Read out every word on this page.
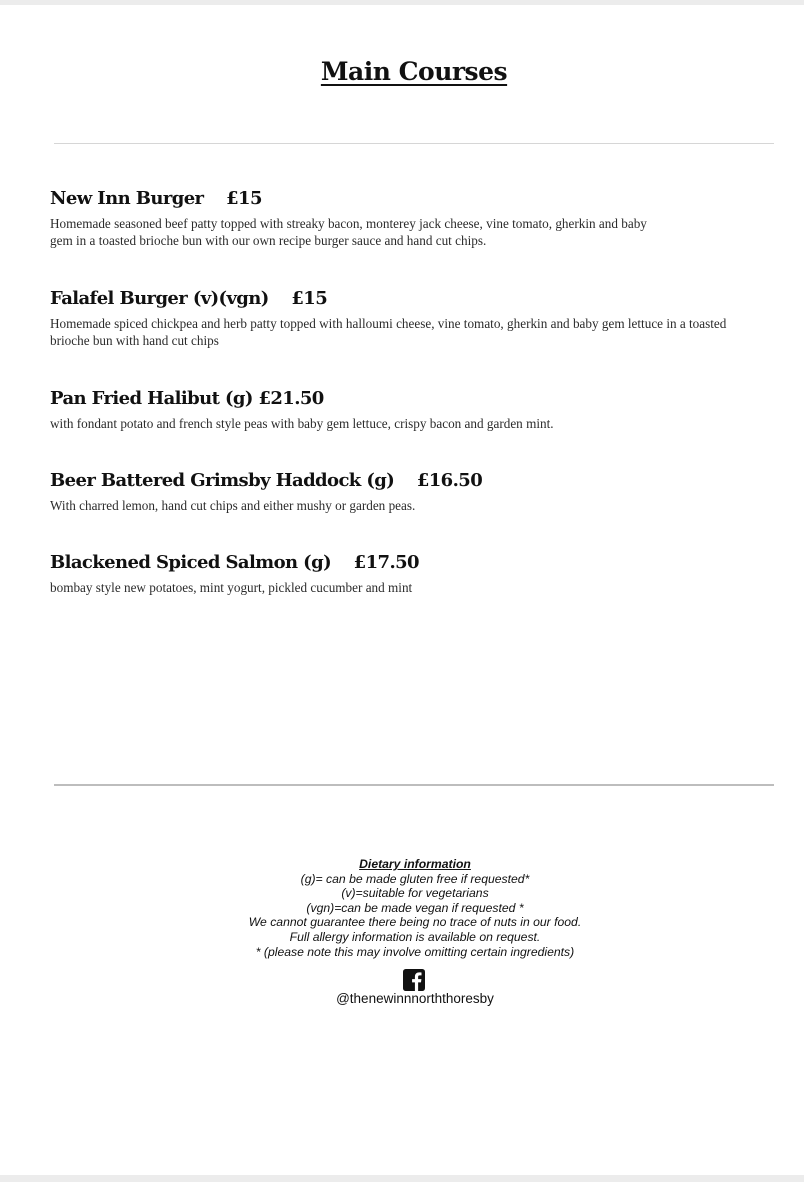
Main Courses

New Inn Burger    £15

Homemade seasoned beef patty topped with streaky bacon, monterey jack cheese, vine tomato, gherkin and baby gem in a toasted brioche bun with our own recipe burger sauce and hand cut chips.

Falafel Burger (v)(vgn)    £15

Homemade spiced chickpea and herb patty topped with halloumi cheese, vine tomato, gherkin and baby gem lettuce in a toasted brioche bun with hand cut chips

Pan Fried Halibut (g) £21.50

with fondant potato and french style peas with baby gem lettuce, crispy bacon and garden mint.

Beer Battered Grimsby Haddock (g)    £16.50

With charred lemon, hand cut chips and either mushy or garden peas.

Blackened Spiced Salmon (g)    £17.50

bombay style new potatoes, mint yogurt, pickled cucumber and mint

Dietary information
(g)= can be made gluten free if requested*
(v)=suitable for vegetarians
(vgn)=can be made vegan if requested *
We cannot guarantee there being no trace of nuts in our food.
Full allergy information is available on request.
* (please note this may involve omitting certain ingredients)
@thenewinnnorththoresby
